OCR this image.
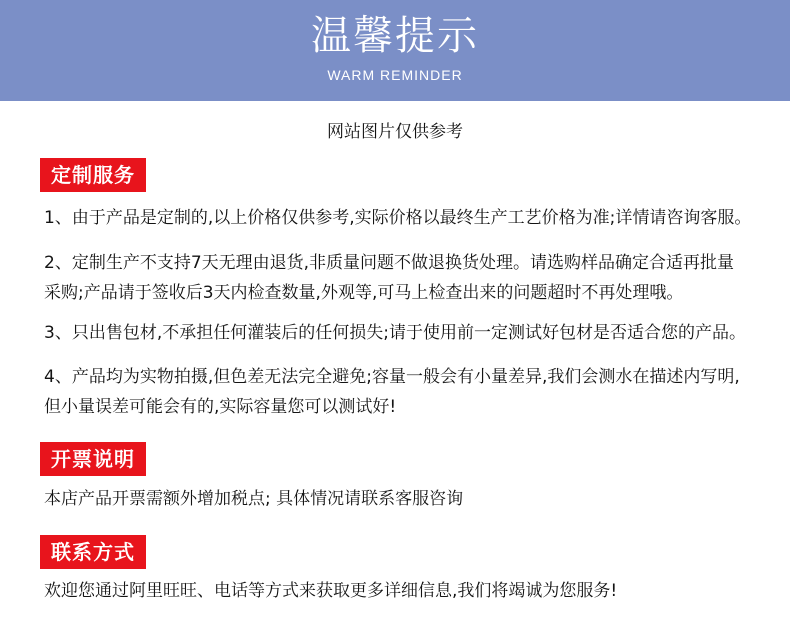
温馨提示
WARM REMINDER
网站图片仅供参考
定制服务
1、由于产品是定制的,以上价格仅供参考,实际价格以最终生产工艺价格为准;详情请咨询客服。
2、定制生产不支持7天无理由退货,非质量问题不做退换货处理。请选购样品确定合适再批量
采购;产品请于签收后3天内检查数量,外观等,可马上检查出来的问题超时不再处理哦。
3、只出售包材,不承担任何灌装后的任何损失;请于使用前一定测试好包材是否适合您的产品。
4、产品均为实物拍摄,但色差无法完全避免;容量一般会有小量差异,我们会测水在描述内写明,
但小量误差可能会有的,实际容量您可以测试好!
开票说明
本店产品开票需额外增加税点; 具体情况请联系客服咨询
联系方式
欢迎您通过阿里旺旺、电话等方式来获取更多详细信息,我们将竭诚为您服务!
